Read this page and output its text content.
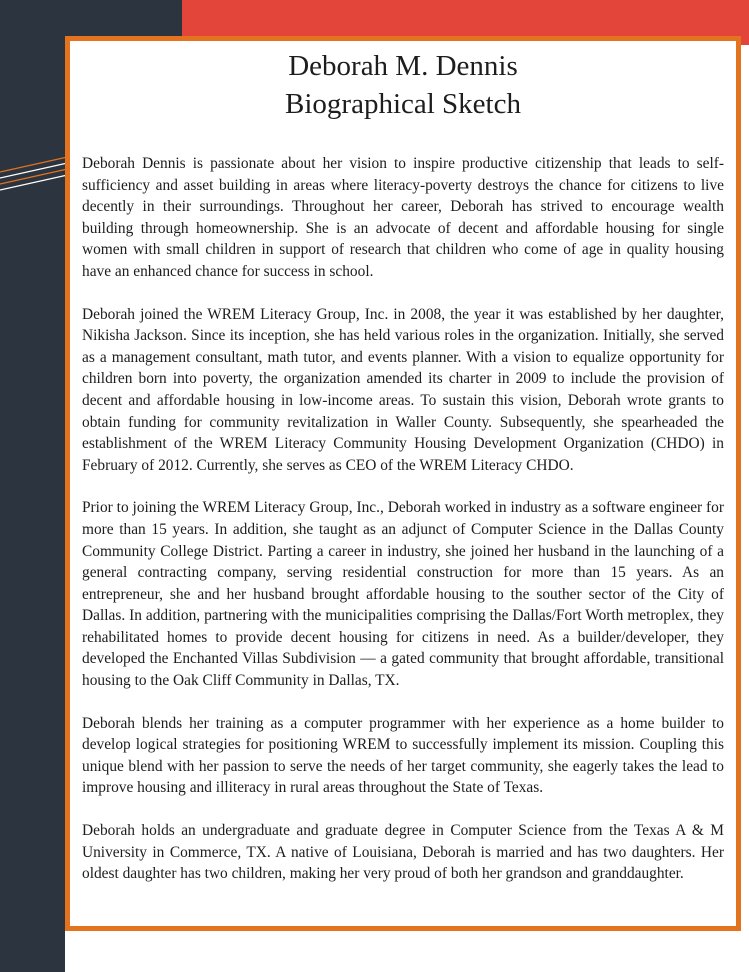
Deborah M. Dennis
Biographical Sketch

Deborah Dennis is passionate about her vision to inspire productive citizenship that leads to self-sufficiency and asset building in areas where literacy-poverty destroys the chance for citizens to live decently in their surroundings. Throughout her career, Deborah has strived to encourage wealth building through homeownership. She is an advocate of decent and affordable housing for single women with small children in support of research that children who come of age in quality housing have an enhanced chance for success in school.

Deborah joined the WREM Literacy Group, Inc. in 2008, the year it was established by her daughter, Nikisha Jackson. Since its inception, she has held various roles in the organization. Initially, she served as a management consultant, math tutor, and events planner. With a vision to equalize opportunity for children born into poverty, the organization amended its charter in 2009 to include the provision of decent and affordable housing in low-income areas. To sustain this vision, Deborah wrote grants to obtain funding for community revitalization in Waller County. Subsequently, she spearheaded the establishment of the WREM Literacy Community Housing Development Organization (CHDO) in February of 2012. Currently, she serves as CEO of the WREM Literacy CHDO.

Prior to joining the WREM Literacy Group, Inc., Deborah worked in industry as a software engineer for more than 15 years. In addition, she taught as an adjunct of Computer Science in the Dallas County Community College District. Parting a career in industry, she joined her husband in the launching of a general contracting company, serving residential construction for more than 15 years. As an entrepreneur, she and her husband brought affordable housing to the souther sector of the City of Dallas. In addition, partnering with the municipalities comprising the Dallas/Fort Worth metroplex, they rehabilitated homes to provide decent housing for citizens in need. As a builder/developer, they developed the Enchanted Villas Subdivision — a gated community that brought affordable, transitional housing to the Oak Cliff Community in Dallas, TX.

Deborah blends her training as a computer programmer with her experience as a home builder to develop logical strategies for positioning WREM to successfully implement its mission. Coupling this unique blend with her passion to serve the needs of her target community, she eagerly takes the lead to improve housing and illiteracy in rural areas throughout the State of Texas.

Deborah holds an undergraduate and graduate degree in Computer Science from the Texas A & M University in Commerce, TX. A native of Louisiana, Deborah is married and has two daughters. Her oldest daughter has two children, making her very proud of both her grandson and granddaughter.
